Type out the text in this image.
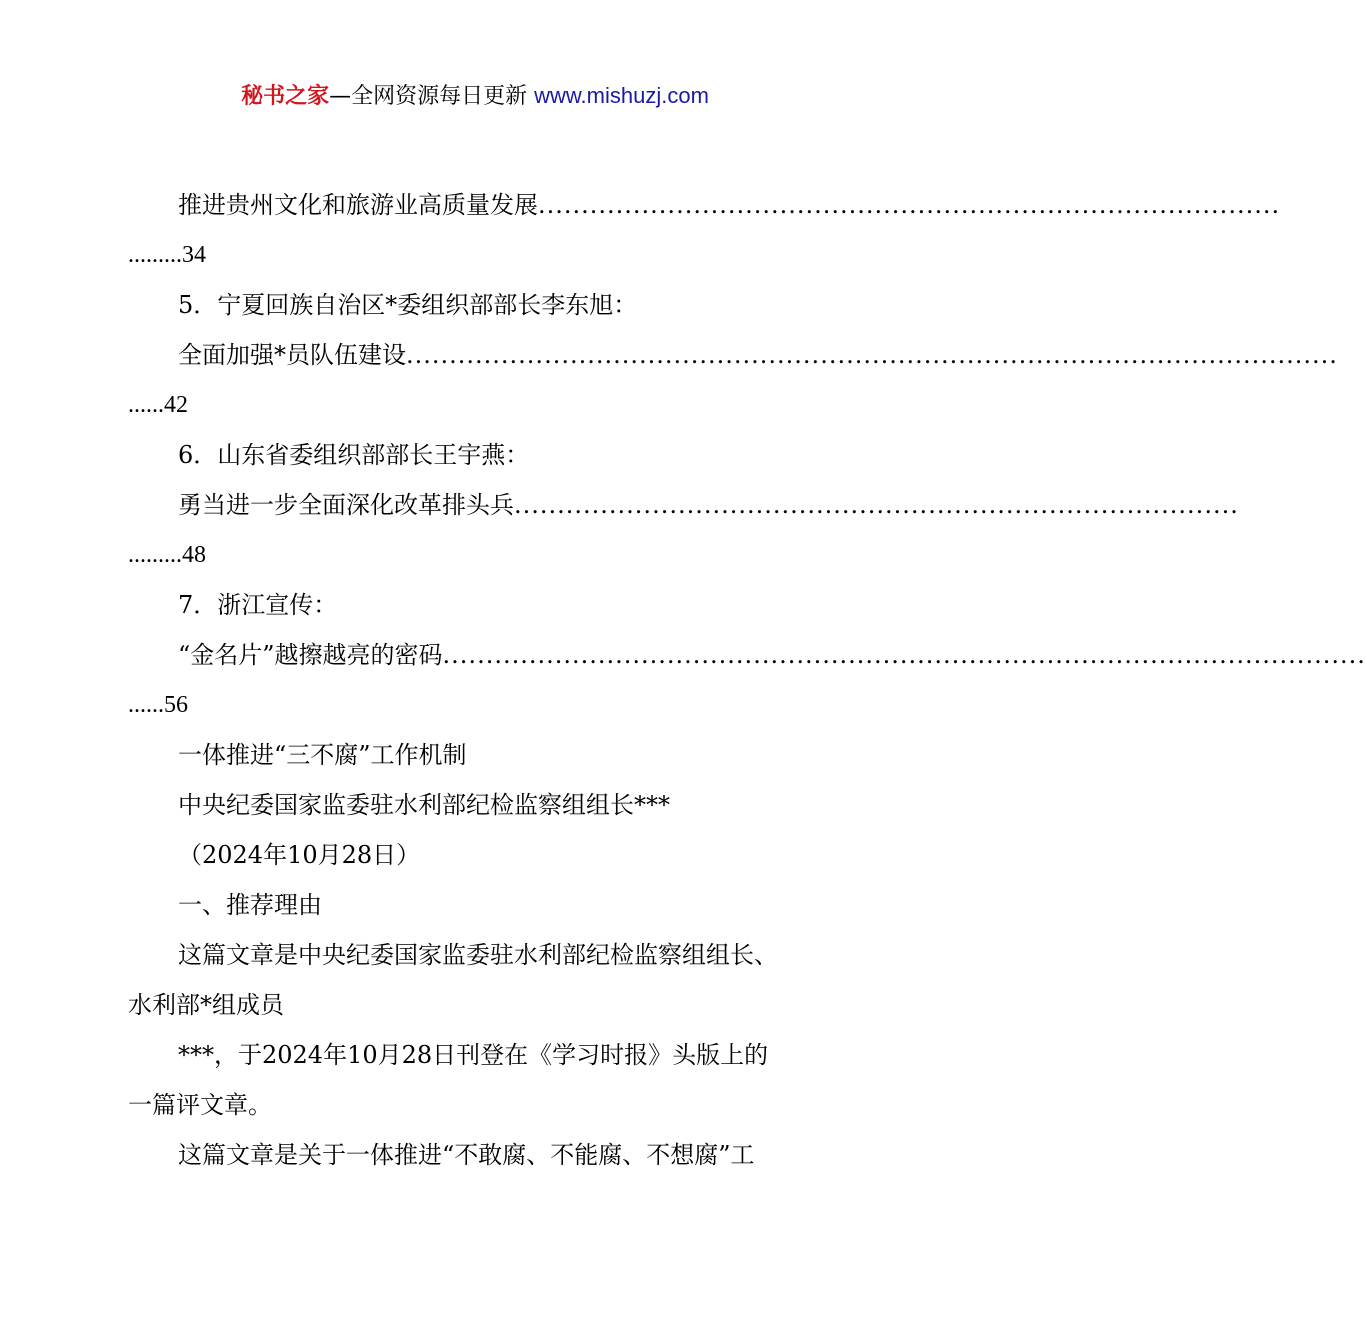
秘书之家—全网资源每日更新 www.mishuzj.com
推进贵州文化和旅游业高质量发展 ......................................................................................
.........34
5．宁夏回族自治区*委组织部部长李东旭：
全面加强*员队伍建设 ............................................................................................................
......42
6．山东省委组织部部长王宇燕：
勇当进一步全面深化改革排头兵 ....................................................................................
.........48
7．浙江宣传：
“金名片”越擦越亮的密码 ...........................................................................................................
......56
一体推进“三不腐”工作机制
中央纪委国家监委驻水利部纪检监察组组长***
（2024年10月28日）
一、推荐理由
这篇文章是中央纪委国家监委驻水利部纪检监察组组长、
水利部*组成员
***，于2024年10月28日刊登在《学习时报》头版上的
一篇评文章。
这篇文章是关于一体推进“不敢腐、不能腐、不想腐”工
